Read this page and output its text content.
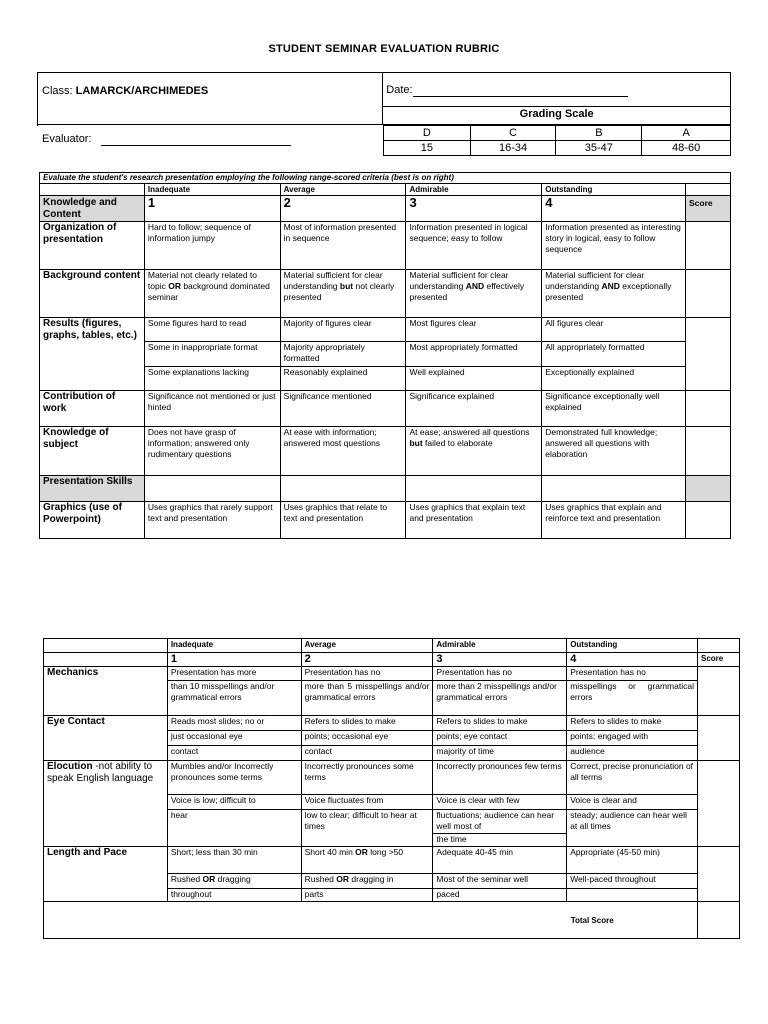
STUDENT SEMINAR EVALUATION RUBRIC
Class: LAMARCK/ARCHIMEDES
Evaluator:
	Date:
Grading Scale

D	C	B	A
15	16-34	35-47	48-60
Evaluate the student's research presentation employing the following range-scored criteria (best is on right)					
	Inadequate	Average	Admirable	Outstanding	
Knowledge and Content	1	2	3	4	Score
Organization of presentation	Hard to follow; sequence of information jumpy	Most of information presented in sequence	Information presented in logical sequence; easy to follow	Information presented as interesting story in logical, easy to follow sequence	
Background content	Material not clearly related to topic OR background dominated seminar	Material sufficient for clear understanding but not clearly presented	Material sufficient for clear understanding AND effectively presented	Material sufficient for clear understanding AND exceptionally presented	
Results (figures, graphs, tables, etc.)	Some figures hard to read	Majority of figures clear	Most figures clear	All figures clear	
	Some in inappropriate format	Majority appropriately formatted	Most appropriately formatted	All appropriately formatted	
	Some explanations lacking	Reasonably explained	Well explained	Exceptionally explained	
Contribution of work	Significance not mentioned or just hinted	Significance mentioned	Significance explained	Significance exceptionally well explained	
Knowledge of subject	Does not have grasp of information; answered only rudimentary questions	At ease with information; answered most questions	At ease; answered all questions but failed to elaborate	Demonstrated full knowledge; answered all questions with elaboration	
Presentation Skills					
Graphics (use of Powerpoint)	Uses graphics that rarely support text and presentation	Uses graphics that relate to text and presentation	Uses graphics that explain text and presentation	Uses graphics that explain and reinforce text and presentation	
	Inadequate	Average	Admirable	Outstanding	
	1	2	3	4	Score
Mechanics	Presentation has more	Presentation has no	Presentation has no	Presentation has no	
	than 10 misspellings and/or grammatical errors	more than 5 misspellings and/or grammatical errors	more than 2 misspellings and/or grammatical errors	misspellings or grammatical errors	
Eye Contact	Reads most slides; no or	Refers to slides to make	Refers to slides to make	Refers to slides to make	
	just occasional eye	points; occasional eye	points; eye contact	points; engaged with	
	contact	contact	majority of time	audience	
Elocution -not ability to speak English language	Mumbles and/or Incorrectly pronounces some terms	Incorrectly pronounces some terms	Incorrectly pronounces few terms	Correct, precise pronunciation of all terms	
	Voice is low; difficult to	Voice fluctuates from	Voice is clear with few	Voice is clear and	
	hear	low to clear; difficult to hear at times	fluctuations; audience can hear well most of	steady; audience can hear well at all times	
			the time		
Length and Pace	Short; less than 30 min	Short 40 min OR long >50	Adequate 40-45 min	Appropriate (45-50 min)	
	Rushed OR dragging	Rushed OR dragging in	Most of the seminar well	Well-paced throughout	
	throughout	parts	paced		
				Total Score	
